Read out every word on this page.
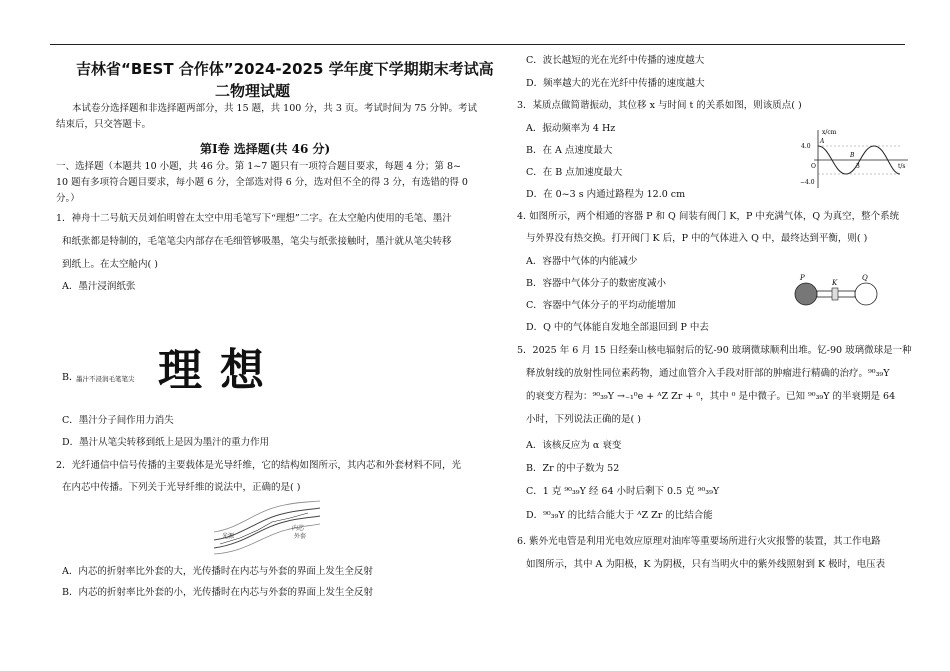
吉林省“BEST 合作体”2024-2025 学年度下学期期末考试高
二物理试题
本试卷分选择题和非选择题两部分，共 15 题，共 100 分，共 3 页。考试时间为 75 分钟。考试
结束后，只交答题卡。
第Ⅰ卷 选择题(共 46 分)
一、选择题（本题共 10 小题，共 46 分。第 1~7 题只有一项符合题目要求，每题 4 分；第 8~
10 题有多项符合题目要求，每小题 6 分，全部选对得 6 分，选对但不全的得 3 分，有选错的得 0
分。）
1．神舟十二号航天员刘伯明曾在太空中用毛笔写下“理想”二字。在太空舱内使用的毛笔、墨汁
和纸张都是特制的，毛笔笔尖内部存在毛细管够吸墨，笔尖与纸张接触时，墨汁就从笔尖转移
到纸上。在太空舱内( )
A．墨汁浸润纸张
B．
墨汁不浸润毛笔笔尖 理想
C．墨汁分子间作用力消失
D．墨汁从笔尖转移到纸上是因为墨汁的重力作用
2．光纤通信中信号传播的主要载体是光导纤维，它的结构如图所示，其内芯和外套材料不同，光
在内芯中传播。下列关于光导纤维的说法中，正确的是( )
光源
内芯
外套
A．内芯的折射率比外套的大，光传播时在内芯与外套的界面上发生全反射
B．内芯的折射率比外套的小，光传播时在内芯与外套的界面上发生全反射
C．波长越短的光在光纤中传播的速度越大
D．频率越大的光在光纤中传播的速度越大
3．某质点做简谐振动，其位移 x 与时间 t 的关系如图，则该质点( )
A．振动频率为 4 Hz
B．在 A 点速度最大
C．在 B 点加速度最大
D．在 0~3 s 内通过路程为 12.0 cm
x/cm
t/s
4.0
−4.0
3
A
B
O
4. 如图所示，两个相通的容器 P 和 Q 间装有阀门 K，P 中充满气体，Q 为真空，整个系统
与外界没有热交换。打开阀门 K 后，P 中的气体进入 Q 中，最终达到平衡，则( )
A．容器中气体的内能减少
B．容器中气体分子的数密度减小
C．容器中气体分子的平均动能增加
D．Q 中的气体能自发地全部退回到 P 中去
P
K
Q
5．2025 年 6 月 15 日经秦山核电辐射后的钇-90 玻璃微球顺利出堆。钇-90 玻璃微球是一种
释放射线的放射性同位素药物，通过血管介入手段对肝部的肿瘤进行精确的治疗。⁹⁰₃₉Y
的衰变方程为：⁹⁰₃₉Y →₋₁⁰e + ᴬZ Zr + ⁰，其中 ⁰ 是中微子。已知 ⁹⁰₃₉Y 的半衰期是 64
小时，下列说法正确的是( )
A．该核反应为 α 衰变
B．Zr 的中子数为 52
C．1 克 ⁹⁰₃₉Y 经 64 小时后剩下 0.5 克 ⁹⁰₃₉Y
D．⁹⁰₃₉Y 的比结合能大于 ᴬZ Zr 的比结合能
6. 紫外光电管是利用光电效应原理对油库等重要场所进行火灾报警的装置，其工作电路
如图所示，其中 A 为阳极，K 为阴极，只有当明火中的紫外线照射到 K 极时，电压表
